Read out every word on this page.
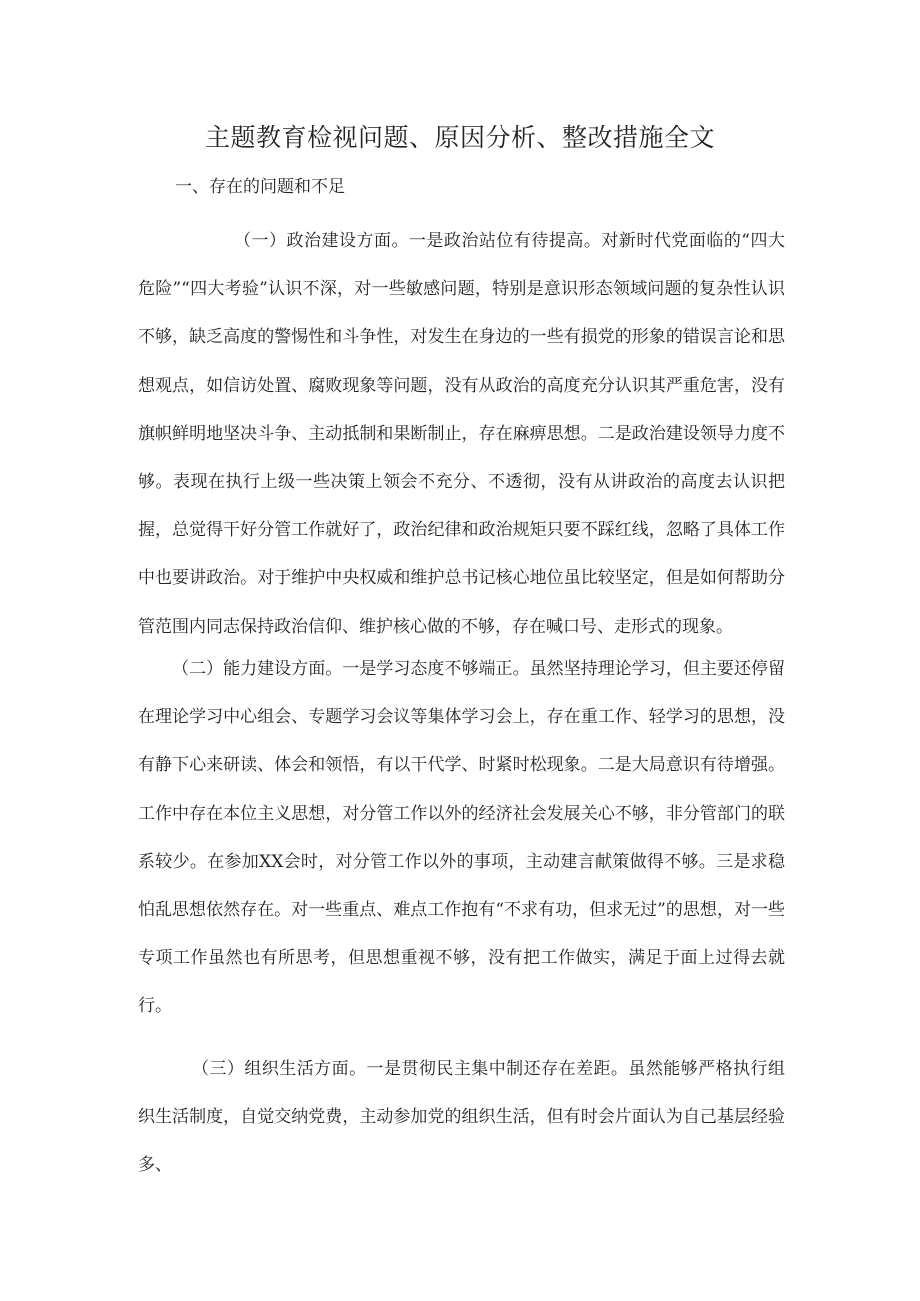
主题教育检视问题、原因分析、整改措施全文

一、存在的问题和不足

（一）政治建设方面。一是政治站位有待提高。对新时代党面临的“四大危险”“四大考验”认识不深，对一些敏感问题，特别是意识形态领域问题的复杂性认识不够，缺乏高度的警惕性和斗争性，对发生在身边的一些有损党的形象的错误言论和思想观点，如信访处置、腐败现象等问题，没有从政治的高度充分认识其严重危害，没有旗帜鲜明地坚决斗争、主动抵制和果断制止，存在麻痹思想。二是政治建设领导力度不够。表现在执行上级一些决策上领会不充分、不透彻，没有从讲政治的高度去认识把握，总觉得干好分管工作就好了，政治纪律和政治规矩只要不踩红线，忽略了具体工作中也要讲政治。对于维护中央权威和维护总书记核心地位虽比较坚定，但是如何帮助分管范围内同志保持政治信仰、维护核心做的不够，存在喊口号、走形式的现象。

（二）能力建设方面。一是学习态度不够端正。虽然坚持理论学习，但主要还停留在理论学习中心组会、专题学习会议等集体学习会上，存在重工作、轻学习的思想，没有静下心来研读、体会和领悟，有以干代学、时紧时松现象。二是大局意识有待增强。工作中存在本位主义思想，对分管工作以外的经济社会发展关心不够，非分管部门的联系较少。在参加XX会时，对分管工作以外的事项，主动建言献策做得不够。三是求稳怕乱思想依然存在。对一些重点、难点工作抱有“不求有功，但求无过”的思想，对一些专项工作虽然也有所思考，但思想重视不够，没有把工作做实，满足于面上过得去就行。

（三）组织生活方面。一是贯彻民主集中制还存在差距。虽然能够严格执行组织生活制度，自觉交纳党费，主动参加党的组织生活，但有时会片面认为自己基层经验多、
